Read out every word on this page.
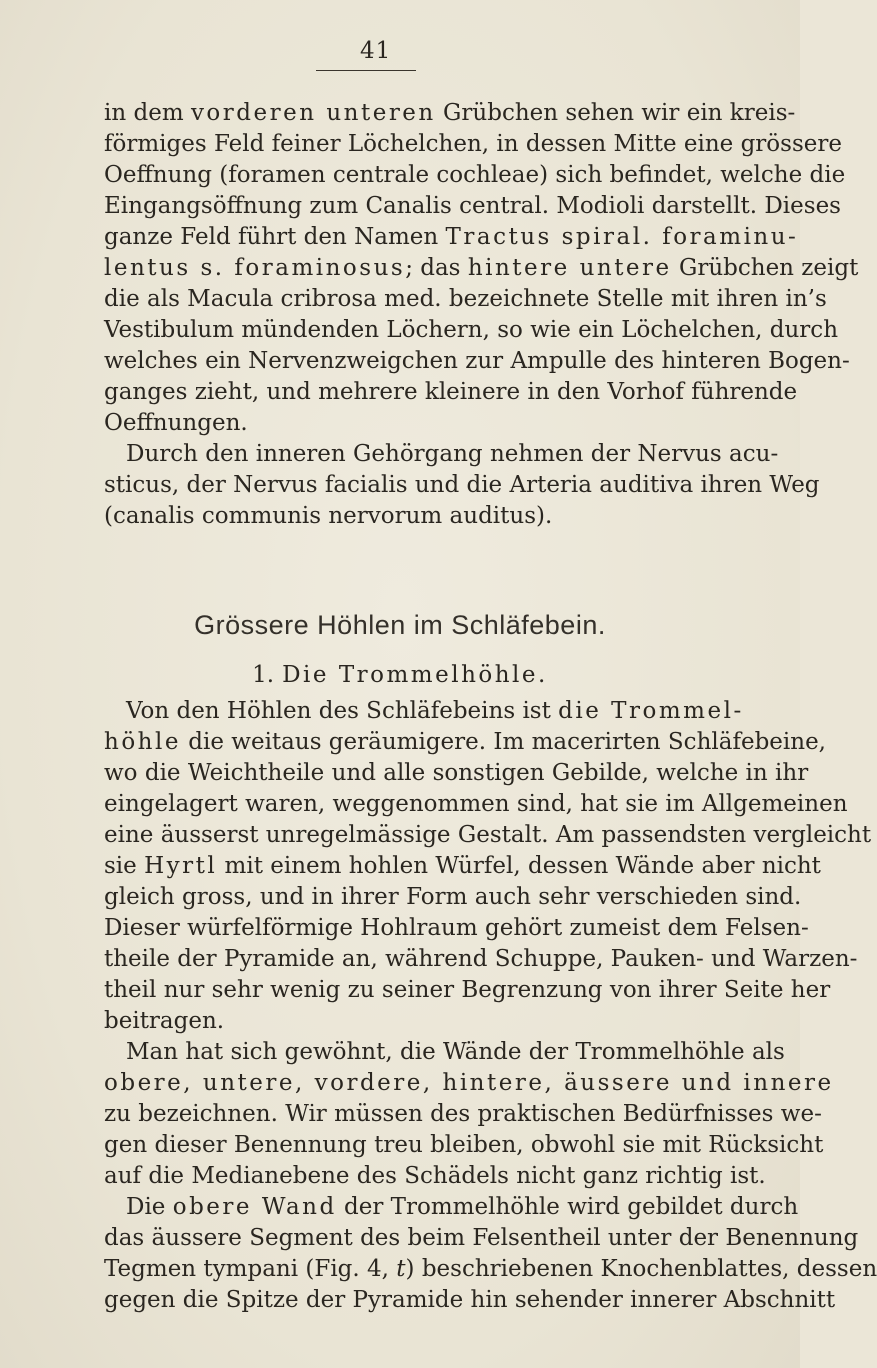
41
in dem vorderen unteren Grübchen sehen wir ein kreis-
förmiges Feld feiner Löchelchen, in dessen Mitte eine grössere
Oeffnung (foramen centrale cochleae) sich befindet, welche die
Eingangsöffnung zum Canalis central. Modioli darstellt. Dieses
ganze Feld führt den Namen Tractus spiral. foraminu-
lentus s. foraminosus; das hintere untere Grübchen zeigt
die als Macula cribrosa med. bezeichnete Stelle mit ihren in’s
Vestibulum mündenden Löchern, so wie ein Löchelchen, durch
welches ein Nervenzweigchen zur Ampulle des hinteren Bogen-
ganges zieht, und mehrere kleinere in den Vorhof führende
Oeffnungen.
Durch den inneren Gehörgang nehmen der Nervus acu-
sticus, der Nervus facialis und die Arteria auditiva ihren Weg
(canalis communis nervorum auditus).
Grössere Höhlen im Schläfebein.
1. Die Trommelhöhle.
Von den Höhlen des Schläfebeins ist die Trommel-
höhle die weitaus geräumigere. Im macerirten Schläfebeine,
wo die Weichtheile und alle sonstigen Gebilde, welche in ihr
eingelagert waren, weggenommen sind, hat sie im Allgemeinen
eine äusserst unregelmässige Gestalt. Am passendsten vergleicht
sie Hyrtl mit einem hohlen Würfel, dessen Wände aber nicht
gleich gross, und in ihrer Form auch sehr verschieden sind.
Dieser würfelförmige Hohlraum gehört zumeist dem Felsen-
theile der Pyramide an, während Schuppe, Pauken- und Warzen-
theil nur sehr wenig zu seiner Begrenzung von ihrer Seite her
beitragen.
Man hat sich gewöhnt, die Wände der Trommelhöhle als
obere, untere, vordere, hintere, äussere und innere
zu bezeichnen. Wir müssen des praktischen Bedürfnisses we-
gen dieser Benennung treu bleiben, obwohl sie mit Rücksicht
auf die Medianebene des Schädels nicht ganz richtig ist.
Die obere Wand der Trommelhöhle wird gebildet durch
das äussere Segment des beim Felsentheil unter der Benennung
Tegmen tympani (Fig. 4, t) beschriebenen Knochenblattes, dessen
gegen die Spitze der Pyramide hin sehender innerer Abschnitt
